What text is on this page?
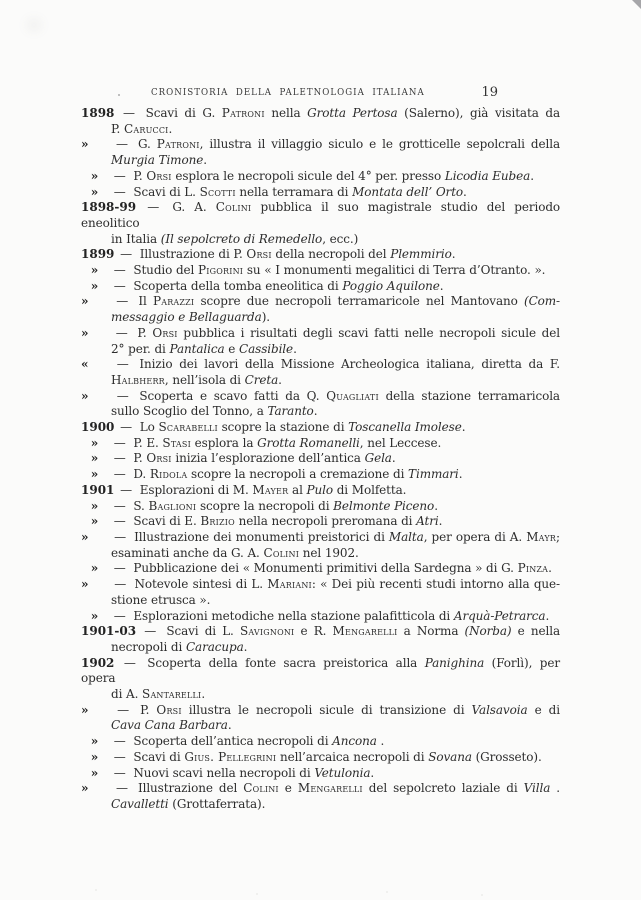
CRONISTORIA DELLA PALETNOLOGIA ITALIANA	19
1898 — Scavi di G. Patroni nella Grotta Pertosa (Salerno), già visitata da
P. Carucci.
» — G. Patroni, illustra il villaggio siculo e le grotticelle sepolcrali della
Murgia Timone.
» — P. Orsi esplora le necropoli sicule del 4° per. presso Licodia Eubea.
» — Scavi di L. Scotti nella terramara di Montata dell’ Orto.
1898-99 — G. A. Colini pubblica il suo magistrale studio del periodo eneolitico
in Italia (Il sepolcreto di Remedello, ecc.)
1899 — Illustrazione di P. Orsi della necropoli del Plemmirio.
» — Studio del Pigorini su « I monumenti megalitici di Terra d’Otranto. ».
» — Scoperta della tomba eneolitica di Poggio Aquilone.
» — Il Parazzi scopre due necropoli terramaricole nel Mantovano (Com-
messaggio e Bellaguarda).
» — P. Orsi pubblica i risultati degli scavi fatti nelle necropoli sicule del
2° per. di Pantalica e Cassibile.
« — Inizio dei lavori della Missione Archeologica italiana, diretta da F.
Halbherr, nell’isola di Creta.
» — Scoperta e scavo fatti da Q. Quagliati della stazione terramaricola
sullo Scoglio del Tonno, a Taranto.
1900 — Lo Scarabelli scopre la stazione di Toscanella Imolese.
» — P. E. Stasi esplora la Grotta Romanelli, nel Leccese.
» — P. Orsi inizia l’esplorazione dell’antica Gela.
» — D. Ridola scopre la necropoli a cremazione di Timmari.
1901 — Esplorazioni di M. Mayer al Pulo di Molfetta.
» — S. Baglioni scopre la necropoli di Belmonte Piceno.
» — Scavi di E. Brizio nella necropoli preromana di Atri.
» — Illustrazione dei monumenti preistorici di Malta, per opera di A. Mayr;
esaminati anche da G. A. Colini nel 1902.
» — Pubblicazione dei « Monumenti primitivi della Sardegna » di G. Pinza.
» — Notevole sintesi di L. Mariani: « Dei più recenti studi intorno alla que-
stione etrusca ».
» — Esplorazioni metodiche nella stazione palafitticola di Arquà-Petrarca.
1901-03 — Scavi di L. Savignoni e R. Mengarelli a Norma (Norba) e nella
necropoli di Caracupa.
1902 — Scoperta della fonte sacra preistorica alla Panighina (Forlì), per opera
di A. Santarelli.
» — P. Orsi illustra le necropoli sicule di transizione di Valsavoia e di
Cava Cana Barbara.
» — Scoperta dell’antica necropoli di Ancona .
» — Scavi di Gius. Pellegrini nell’arcaica necropoli di Sovana (Grosseto).
» — Nuovi scavi nella necropoli di Vetulonia.
» — Illustrazione del Colini e Mengarelli del sepolcreto laziale di Villa .
Cavalletti (Grottaferrata).
